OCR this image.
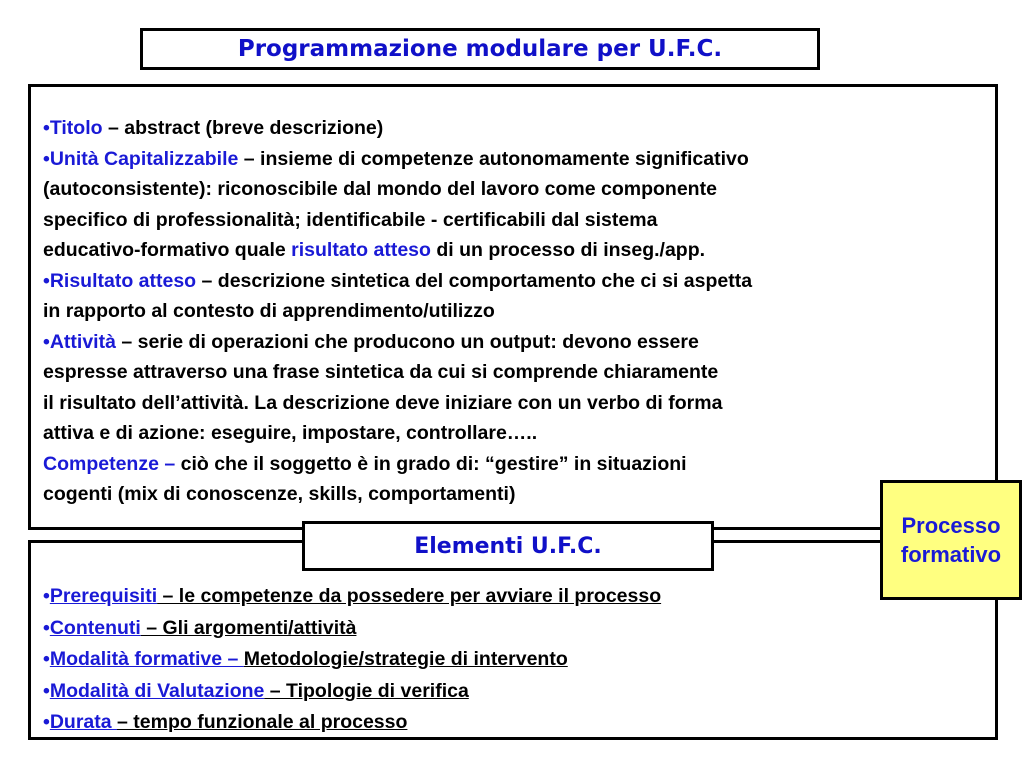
Programmazione modulare per U.F.C.

•Titolo – abstract (breve descrizione)

•Unità Capitalizzabile – insieme di competenze autonomamente significativo

(autoconsistente): riconoscibile dal mondo del lavoro come componente

specifico di professionalità; identificabile - certificabili dal sistema

educativo-formativo quale risultato atteso di un processo di inseg./app.

•Risultato atteso – descrizione sintetica del comportamento che ci si aspetta

in rapporto al contesto di apprendimento/utilizzo

•Attività – serie di operazioni che producono un output: devono essere

espresse attraverso una frase sintetica da cui si comprende chiaramente

il risultato dell’attività. La descrizione deve iniziare con un verbo di forma

attiva e di azione: eseguire, impostare, controllare…..

Competenze – ciò che il soggetto è in grado di: “gestire” in situazioni

cogenti (mix di conoscenze, skills, comportamenti)

•Prerequisiti – le competenze da possedere per avviare il processo

•Contenuti – Gli argomenti/attività

•Modalità formative – Metodologie/strategie di intervento

•Modalità di Valutazione – Tipologie di verifica

•Durata – tempo funzionale al processo

Elementi U.F.C.
Processo
formativo
